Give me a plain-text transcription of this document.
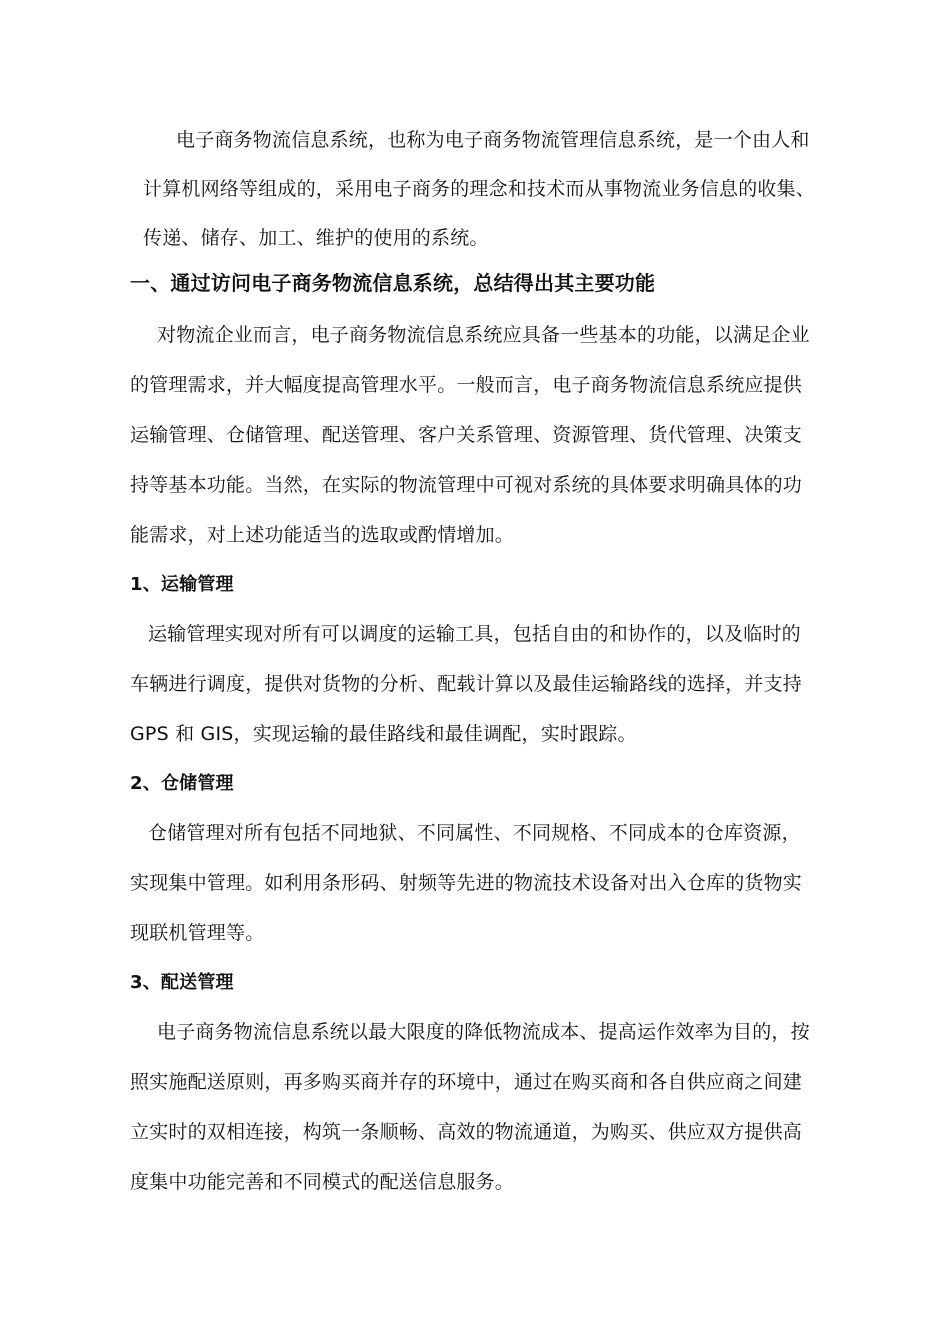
电子商务物流信息系统，也称为电子商务物流管理信息系统，是一个由人和
计算机网络等组成的，采用电子商务的理念和技术而从事物流业务信息的收集、
传递、储存、加工、维护的使用的系统。
一、通过访问电子商务物流信息系统，总结得出其主要功能
对物流企业而言，电子商务物流信息系统应具备一些基本的功能，以满足企业
的管理需求，并大幅度提高管理水平。一般而言，电子商务物流信息系统应提供
运输管理、仓储管理、配送管理、客户关系管理、资源管理、货代管理、决策支
持等基本功能。当然，在实际的物流管理中可视对系统的具体要求明确具体的功
能需求，对上述功能适当的选取或酌情增加。
1、运输管理
运输管理实现对所有可以调度的运输工具，包括自由的和协作的，以及临时的
车辆进行调度，提供对货物的分析、配载计算以及最佳运输路线的选择，并支持
GPS 和 GIS，实现运输的最佳路线和最佳调配，实时跟踪。
2、仓储管理
仓储管理对所有包括不同地狱、不同属性、不同规格、不同成本的仓库资源，
实现集中管理。如利用条形码、射频等先进的物流技术设备对出入仓库的货物实
现联机管理等。
3、配送管理
电子商务物流信息系统以最大限度的降低物流成本、提高运作效率为目的，按
照实施配送原则，再多购买商并存的环境中，通过在购买商和各自供应商之间建
立实时的双相连接，构筑一条顺畅、高效的物流通道，为购买、供应双方提供高
度集中功能完善和不同模式的配送信息服务。
